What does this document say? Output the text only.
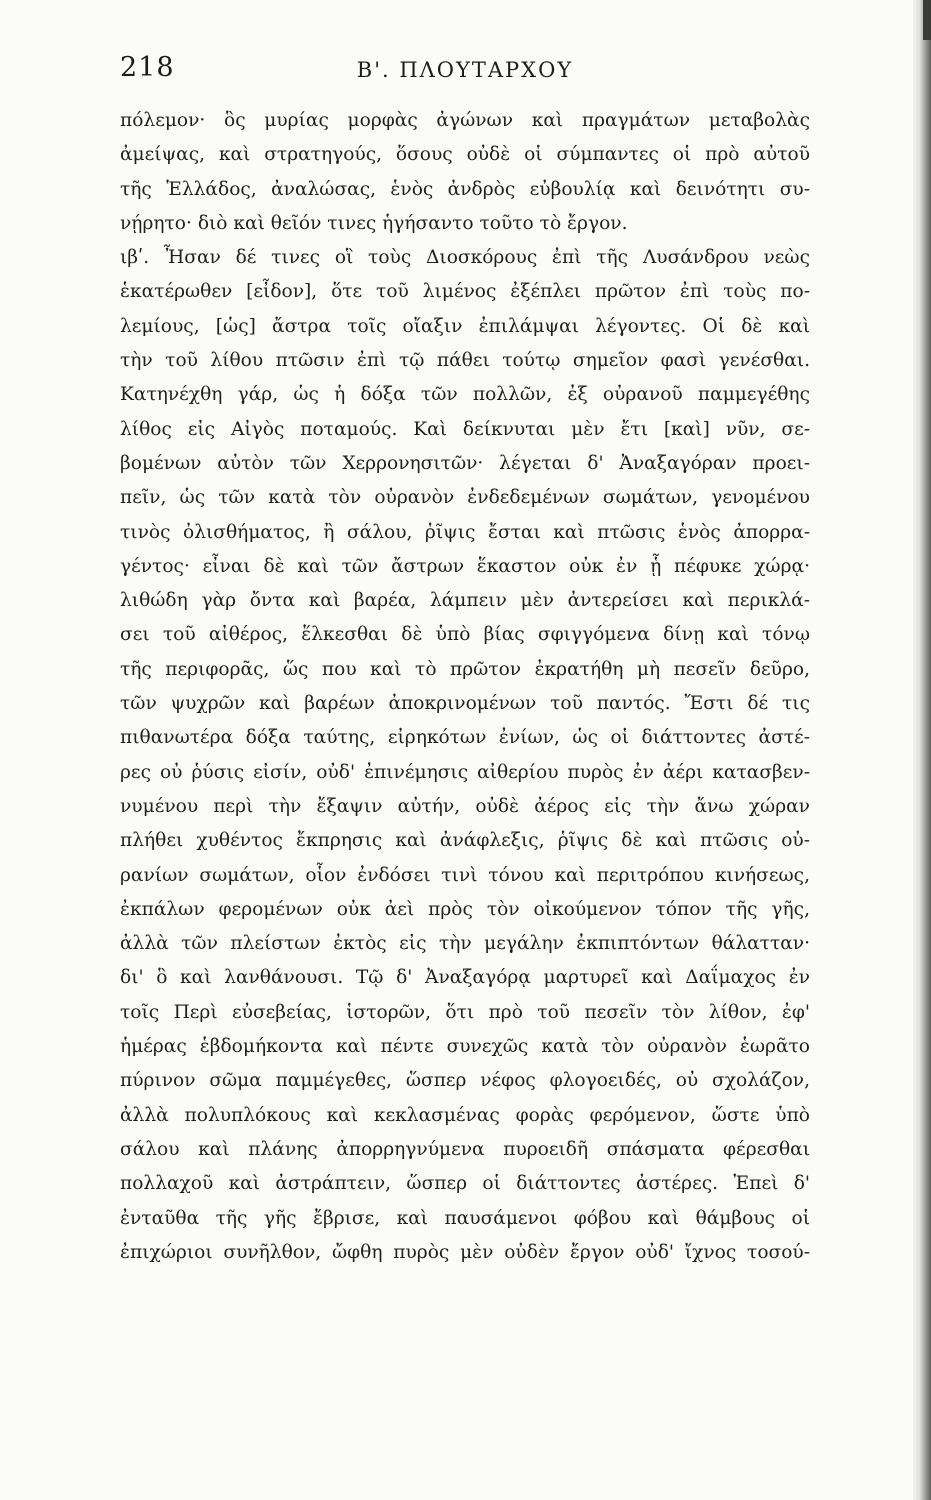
218	Β'. ΠΛΟΥΤΑΡΧΟΥ
πόλεμον· ὃς μυρίας μορφὰς ἀγώνων καὶ πραγμάτων μεταβολὰς
ἀμείψας, καὶ στρατηγούς, ὅσους οὐδὲ οἱ σύμπαντες οἱ πρὸ αὐτοῦ
τῆς Ἑλλάδος, ἀναλώσας, ἑνὸς ἀνδρὸς εὐβουλίᾳ καὶ δεινότητι συ-
νῄρητο· διὸ καὶ θεῖόν τινες ἡγήσαντο τοῦτο τὸ ἔργον.
ιβʹ. Ἦσαν δέ τινες οἳ τοὺς Διοσκόρους ἐπὶ τῆς Λυσάνδρου νεὼς
ἑκατέρωθεν [εἶδον], ὅτε τοῦ λιμένος ἐξέπλει πρῶτον ἐπὶ τοὺς πο-
λεμίους, [ὡς] ἄστρα τοῖς οἴαξιν ἐπιλάμψαι λέγοντες. Οἱ δὲ καὶ
τὴν τοῦ λίθου πτῶσιν ἐπὶ τῷ πάθει τούτῳ σημεῖον φασὶ γενέσθαι.
Κατηνέχθη γάρ, ὡς ἡ δόξα τῶν πολλῶν, ἐξ οὐρανοῦ παμμεγέθης
λίθος εἰς Αἰγὸς ποταμούς. Καὶ δείκνυται μὲν ἔτι [καὶ] νῦν, σε-
βομένων αὐτὸν τῶν Χερρονησιτῶν· λέγεται δ' Ἀναξαγόραν προει-
πεῖν, ὡς τῶν κατὰ τὸν οὐρανὸν ἐνδεδεμένων σωμάτων, γενομένου
τινὸς ὀλισθήματος, ἢ σάλου, ῥῖψις ἔσται καὶ πτῶσις ἑνὸς ἀπορρα-
γέντος· εἶναι δὲ καὶ τῶν ἄστρων ἕκαστον οὐκ ἐν ᾗ πέφυκε χώρᾳ·
λιθώδη γὰρ ὄντα καὶ βαρέα, λάμπειν μὲν ἀντερείσει καὶ περικλά-
σει τοῦ αἰθέρος, ἕλκεσθαι δὲ ὑπὸ βίας σφιγγόμενα δίνῃ καὶ τόνῳ
τῆς περιφορᾶς, ὥς που καὶ τὸ πρῶτον ἐκρατήθη μὴ πεσεῖν δεῦρο,
τῶν ψυχρῶν καὶ βαρέων ἀποκρινομένων τοῦ παντός. Ἔστι δέ τις
πιθανωτέρα δόξα ταύτης, εἰρηκότων ἐνίων, ὡς οἱ διάττοντες ἀστέ-
ρες οὐ ῥύσις εἰσίν, οὐδ' ἐπινέμησις αἰθερίου πυρὸς ἐν ἀέρι κατασβεν-
νυμένου περὶ τὴν ἔξαψιν αὐτήν, οὐδὲ ἀέρος εἰς τὴν ἄνω χώραν
πλήθει χυθέντος ἔκπρησις καὶ ἀνάφλεξις, ῥῖψις δὲ καὶ πτῶσις οὐ-
ρανίων σωμάτων, οἷον ἐνδόσει τινὶ τόνου καὶ περιτρόπου κινήσεως,
ἐκπάλων φερομένων οὐκ ἀεὶ πρὸς τὸν οἰκούμενον τόπον τῆς γῆς,
ἀλλὰ τῶν πλείστων ἐκτὸς εἰς τὴν μεγάλην ἐκπιπτόντων θάλατταν·
δι' ὃ καὶ λανθάνουσι. Τῷ δ' Ἀναξαγόρᾳ μαρτυρεῖ καὶ Δαΐμαχος ἐν
τοῖς Περὶ εὐσεβείας, ἱστορῶν, ὅτι πρὸ τοῦ πεσεῖν τὸν λίθον, ἐφ'
ἡμέρας ἑβδομήκοντα καὶ πέντε συνεχῶς κατὰ τὸν οὐρανὸν ἑωρᾶτο
πύρινον σῶμα παμμέγεθες, ὥσπερ νέφος φλογοειδές, οὐ σχολάζον,
ἀλλὰ πολυπλόκους καὶ κεκλασμένας φορὰς φερόμενον, ὥστε ὑπὸ
σάλου καὶ πλάνης ἀπορρηγνύμενα πυροειδῆ σπάσματα φέρεσθαι
πολλαχοῦ καὶ ἀστράπτειν, ὥσπερ οἱ διάττοντες ἀστέρες. Ἐπεὶ δ'
ἐνταῦθα τῆς γῆς ἔβρισε, καὶ παυσάμενοι φόβου καὶ θάμβους οἱ
ἐπιχώριοι συνῆλθον, ὤφθη πυρὸς μὲν οὐδὲν ἔργον οὐδ' ἴχνος τοσού-
